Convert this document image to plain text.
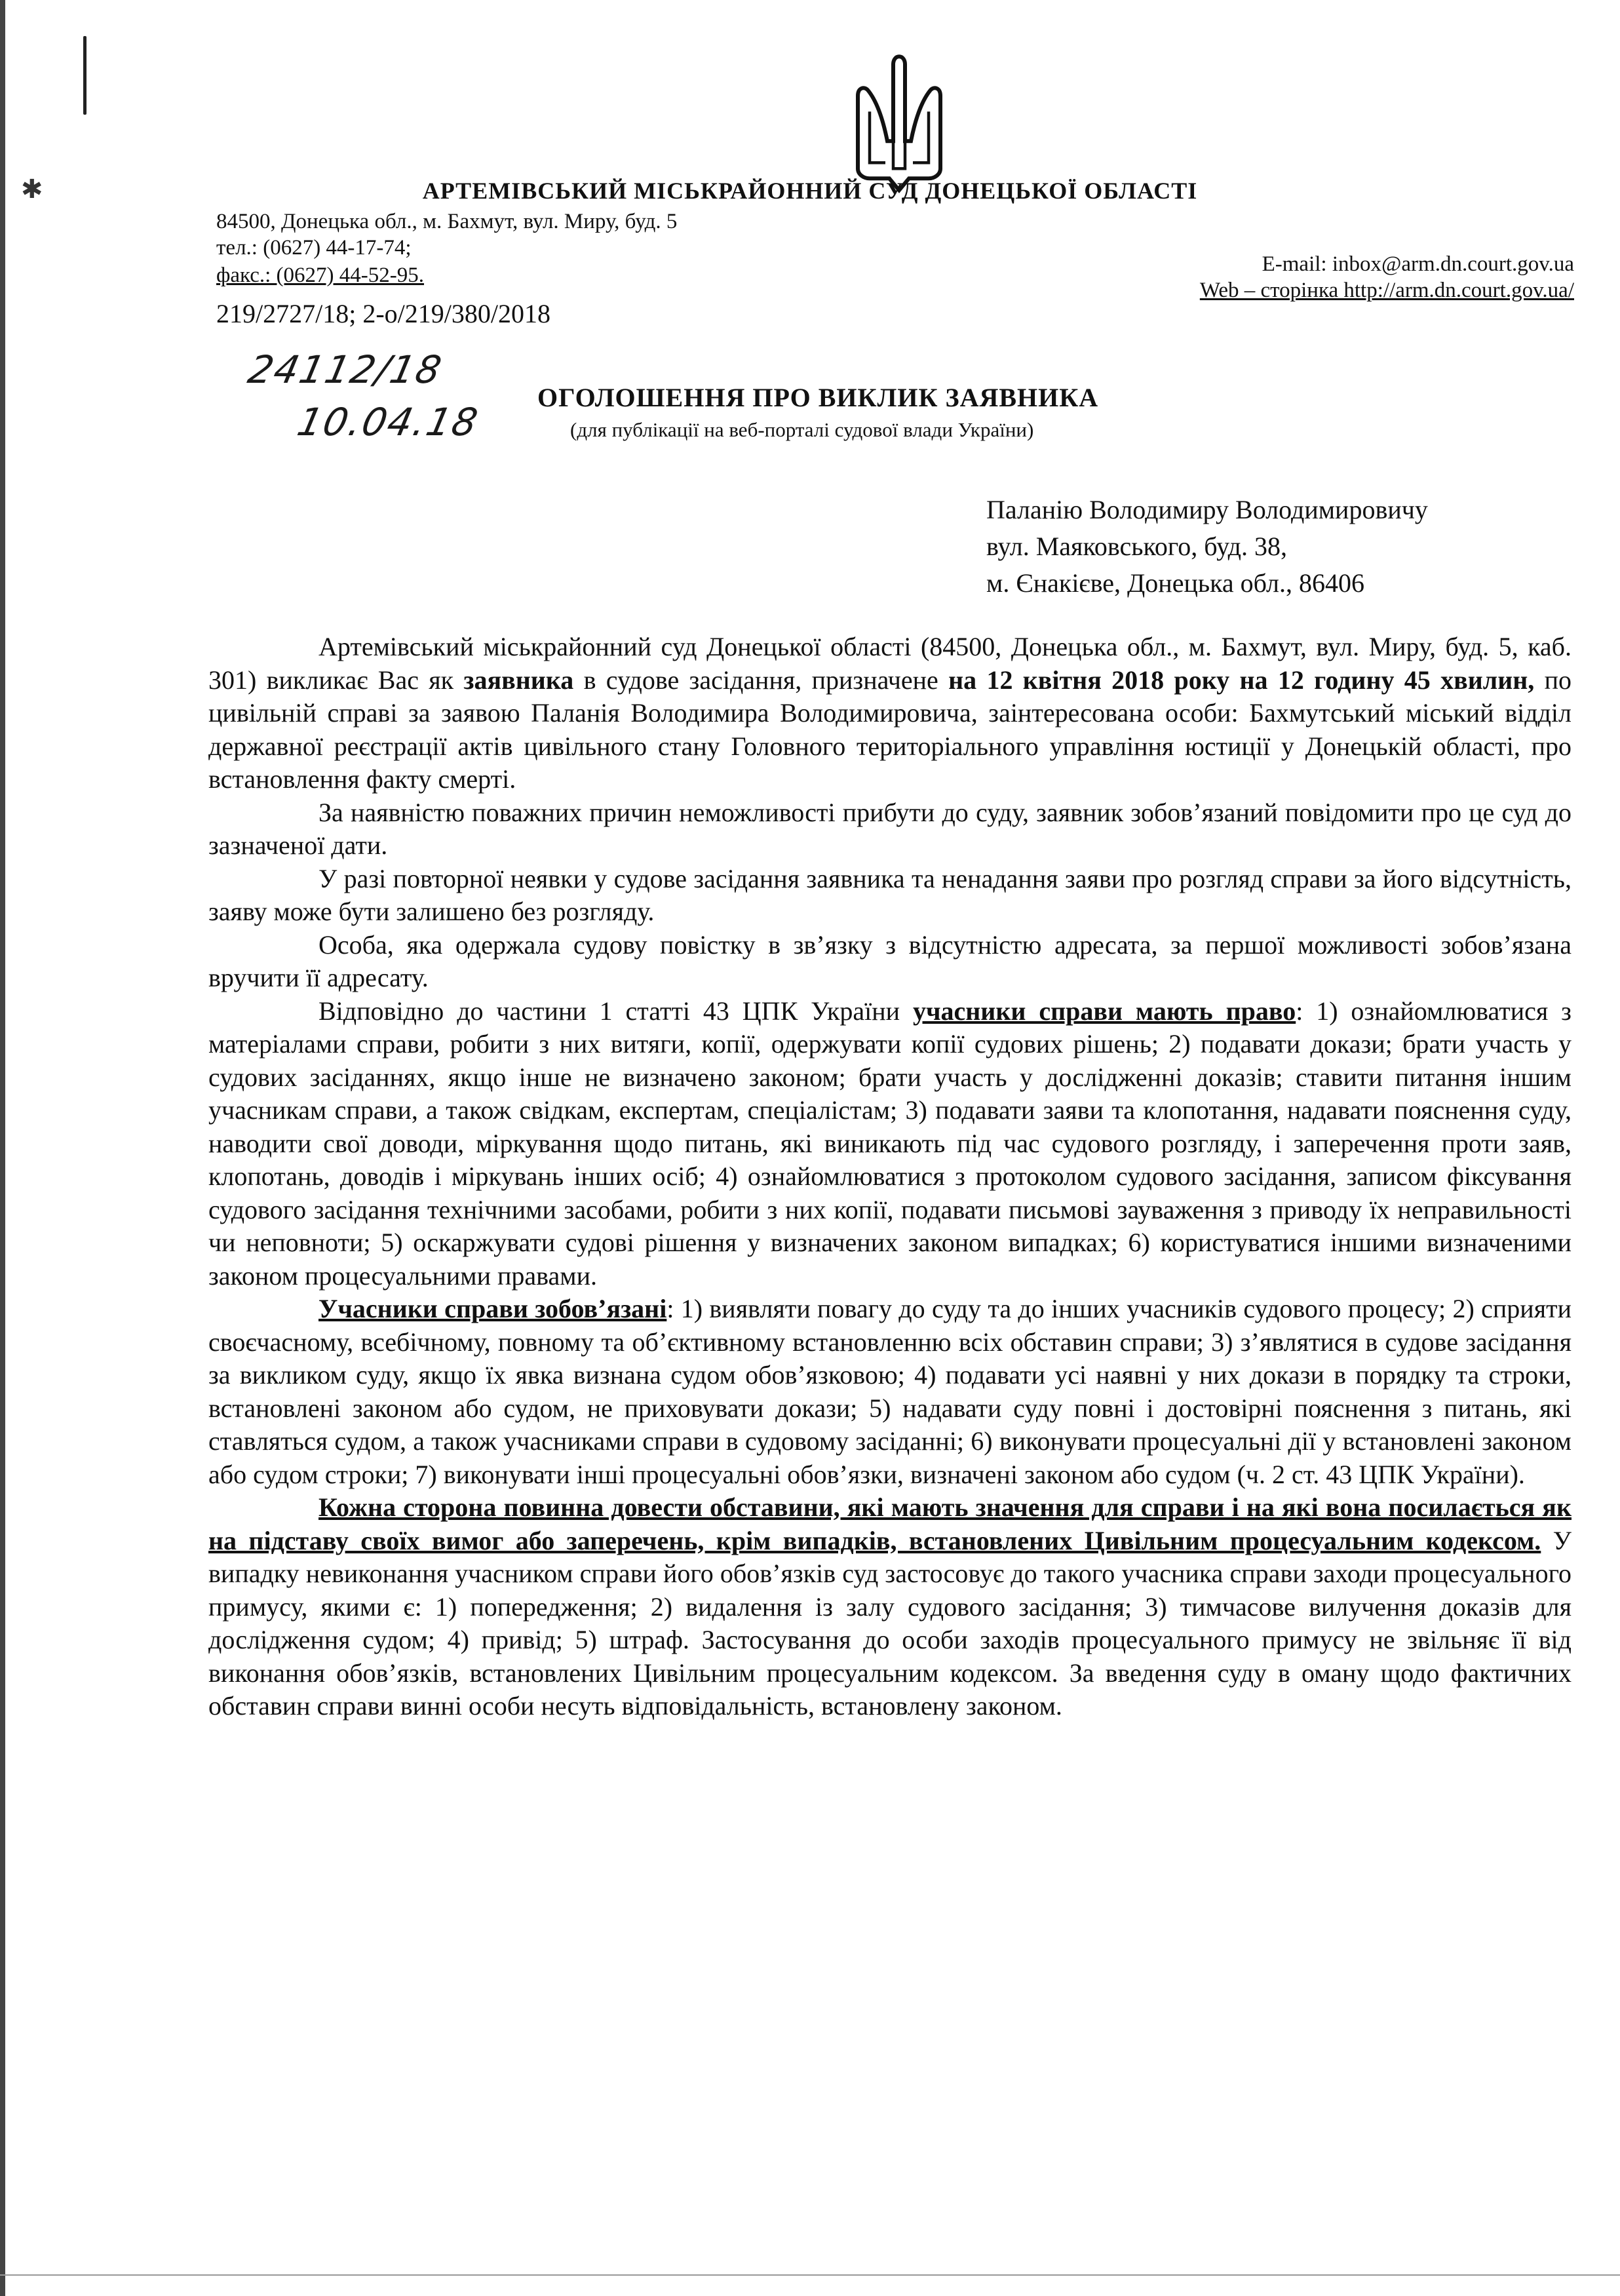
✱	АРТЕМІВСЬКИЙ МІСЬКРАЙОННИЙ СУД ДОНЕЦЬКОЇ ОБЛАСТІ
84500, Донецька обл., м. Бахмут, вул. Миру, буд. 5
тел.: (0627) 44-17-74;
факс.: (0627) 44-52-95.	E-mail: inbox@arm.dn.court.gov.ua
Web – сторінка http://arm.dn.court.gov.ua/
219/2727/18; 2-о/219/380/2018
24112/18
10.04.18
ОГОЛОШЕННЯ ПРО ВИКЛИК ЗАЯВНИКА
(для публікації на веб-порталі судової влади України)
Паланію Володимиру Володимировичу
вул. Маяковського, буд. 38,
м. Єнакієве, Донецька обл., 86406

Артемівський міськрайонний суд Донецької області (84500, Донецька обл., м. Бахмут, вул. Миру, буд. 5, каб. 301) викликає Вас як заявника в судове засідання, призначене на 12 квітня 2018 року на 12 годину 45 хвилин, по цивільній справі за заявою Паланія Володимира Володимировича, заінтересована особи: Бахмутський міський відділ державної реєстрації актів цивільного стану Головного територіального управління юстиції у Донецькій області, про встановлення факту смерті.

За наявністю поважних причин неможливості прибути до суду, заявник зобов’язаний повідомити про це суд до зазначеної дати.

У разі повторної неявки у судове засідання заявника та ненадання заяви про розгляд справи за його відсутність, заяву може бути залишено без розгляду.

Особа, яка одержала судову повістку в зв’язку з відсутністю адресата, за першої можливості зобов’язана вручити її адресату.

Відповідно до частини 1 статті 43 ЦПК України учасники справи мають право: 1) ознайомлюватися з матеріалами справи, робити з них витяги, копії, одержувати копії судових рішень; 2) подавати докази; брати участь у судових засіданнях, якщо інше не визначено законом; брати участь у дослідженні доказів; ставити питання іншим учасникам справи, а також свідкам, експертам, спеціалістам; 3) подавати заяви та клопотання, надавати пояснення суду, наводити свої доводи, міркування щодо питань, які виникають під час судового розгляду, і заперечення проти заяв, клопотань, доводів і міркувань інших осіб; 4) ознайомлюватися з протоколом судового засідання, записом фіксування судового засідання технічними засобами, робити з них копії, подавати письмові зауваження з приводу їх неправильності чи неповноти; 5) оскаржувати судові рішення у визначених законом випадках; 6) користуватися іншими визначеними законом процесуальними правами.

Учасники справи зобов’язані: 1) виявляти повагу до суду та до інших учасників судового процесу; 2) сприяти своєчасному, всебічному, повному та об’єктивному встановленню всіх обставин справи; 3) з’являтися в судове засідання за викликом суду, якщо їх явка визнана судом обов’язковою; 4) подавати усі наявні у них докази в порядку та строки, встановлені законом або судом, не приховувати докази; 5) надавати суду повні і достовірні пояснення з питань, які ставляться судом, а також учасниками справи в судовому засіданні; 6) виконувати процесуальні дії у встановлені законом або судом строки; 7) виконувати інші процесуальні обов’язки, визначені законом або судом (ч. 2 ст. 43 ЦПК України).

Кожна сторона повинна довести обставини, які мають значення для справи і на які вона посилається як на підставу своїх вимог або заперечень, крім випадків, встановлених Цивільним процесуальним кодексом. У випадку невиконання учасником справи його обов’язків суд застосовує до такого учасника справи заходи процесуального примусу, якими є: 1) попередження; 2) видалення із залу судового засідання; 3) тимчасове вилучення доказів для дослідження судом; 4) привід; 5) штраф. Застосування до особи заходів процесуального примусу не звільняє її від виконання обов’язків, встановлених Цивільним процесуальним кодексом. За введення суду в оману щодо фактичних обставин справи винні особи несуть відповідальність, встановлену законом.
